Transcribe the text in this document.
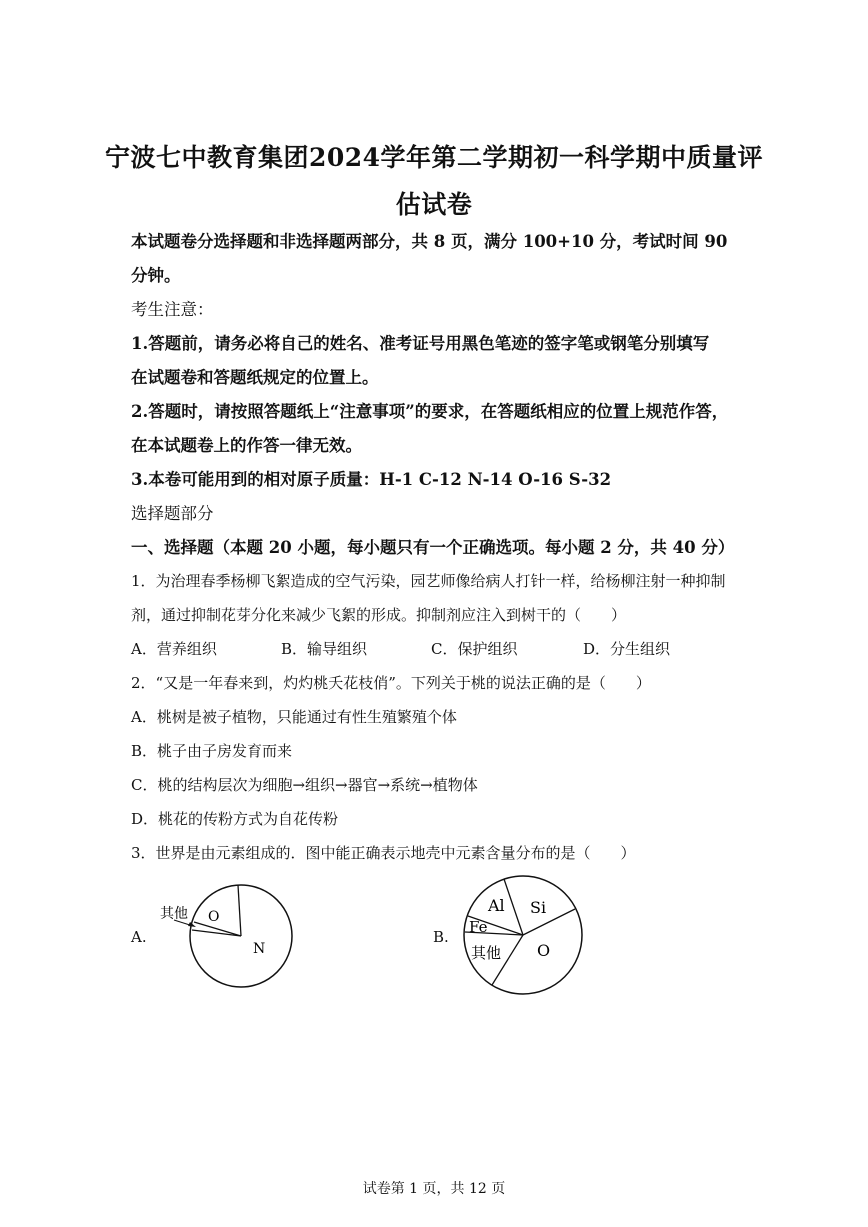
宁波七中教育集团2024学年第二学期初一科学期中质量评
估试卷
本试题卷分选择题和非选择题两部分，共 8 页，满分 100+10 分，考试时间 90
分钟。
考生注意：
1.答题前，请务必将自己的姓名、准考证号用黑色笔迹的签字笔或钢笔分别填写
在试题卷和答题纸规定的位置上。
2.答题时，请按照答题纸上“注意事项”的要求，在答题纸相应的位置上规范作答，
在本试题卷上的作答一律无效。
3.本卷可能用到的相对原子质量：H-1 C-12 N-14 O-16 S-32
选择题部分
一、选择题（本题 20 小题，每小题只有一个正确选项。每小题 2 分，共 40 分）
1．为治理春季杨柳飞絮造成的空气污染，园艺师像给病人打针一样，给杨柳注射一种抑制
剂，通过抑制花芽分化来减少飞絮的形成。抑制剂应注入到树干的（　　）
A．营养组织	B．输导组织	C．保护组织	D．分生组织
2．“又是一年春来到，灼灼桃夭花枝俏”。下列关于桃的说法正确的是（　　）
A．桃树是被子植物，只能通过有性生殖繁殖个体
B．桃子由子房发育而来
C．桃的结构层次为细胞→组织→器官→系统→植物体
D．桃花的传粉方式为自花传粉
3．世界是由元素组成的．图中能正确表示地壳中元素含量分布的是（　　）
A.
其他 O
N
B.
Al Si
Fe
其他 O
试卷第 1 页，共 12 页
